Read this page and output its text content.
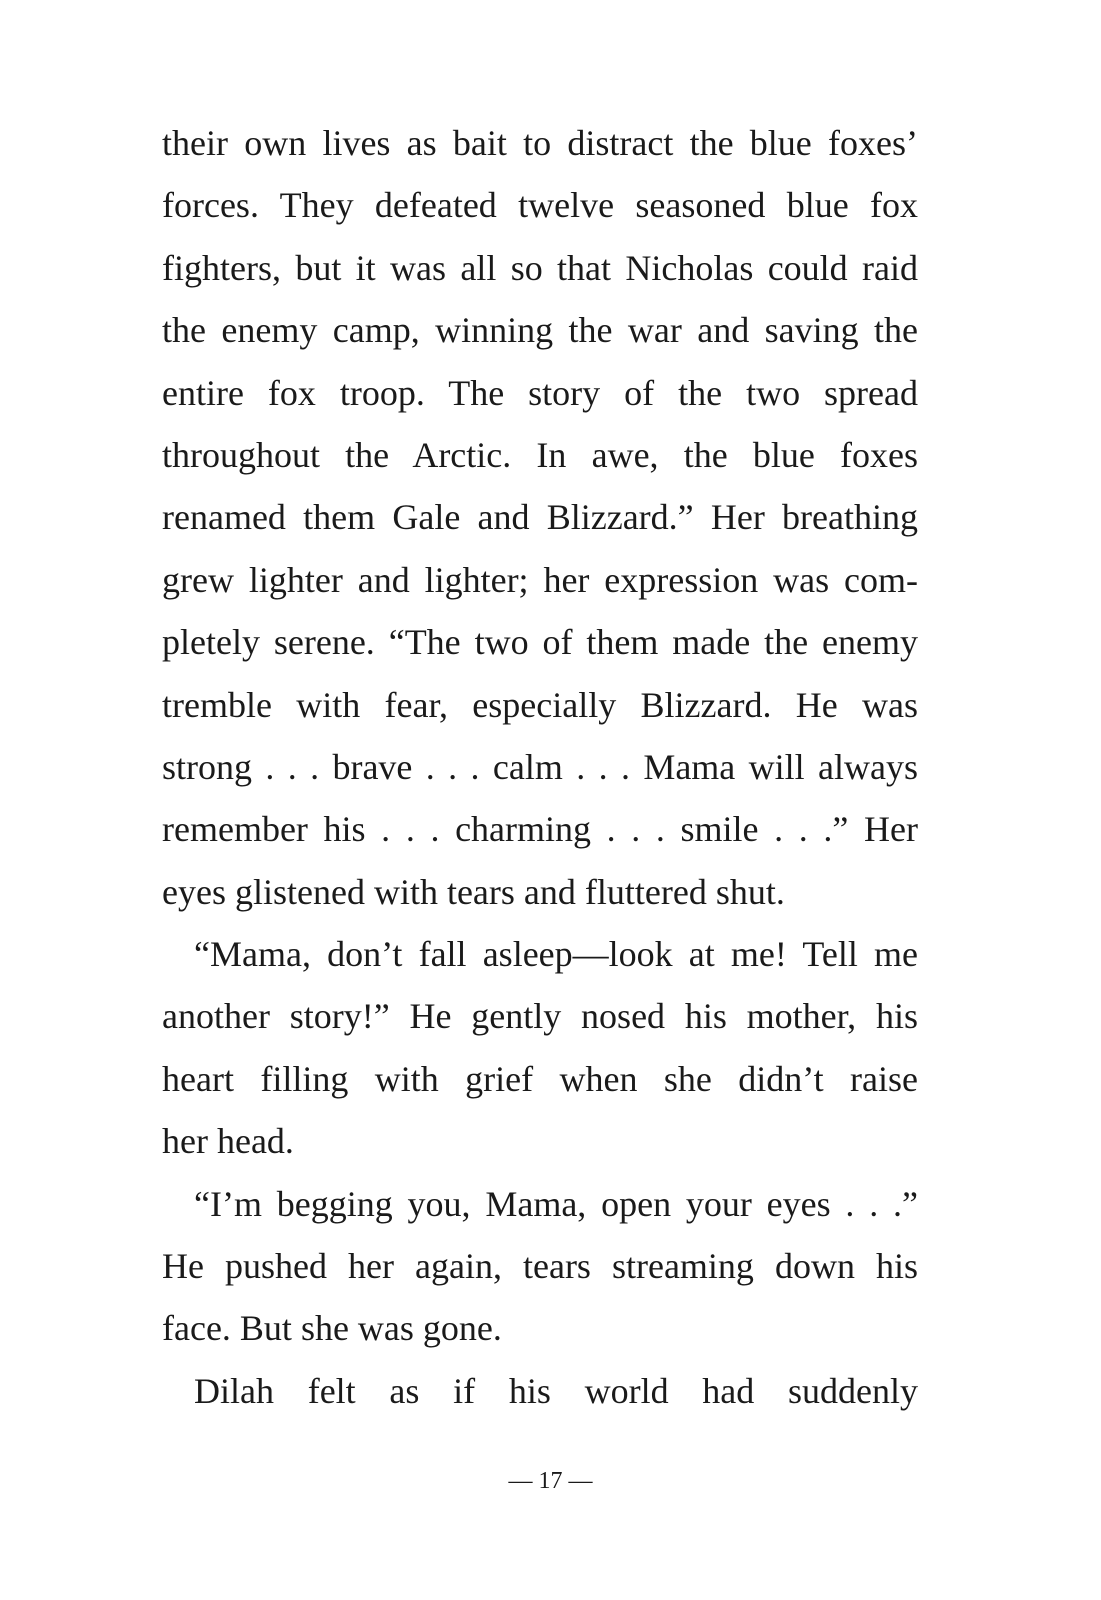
their own lives as bait to distract the blue foxes’
forces. They defeated twelve seasoned blue fox
fighters, but it was all so that Nicholas could raid
the enemy camp, winning the war and saving the
entire fox troop. The story of the two spread
throughout the Arctic. In awe, the blue foxes
renamed them Gale and Blizzard.” Her breathing
grew lighter and lighter; her expression was com-
pletely serene. “The two of them made the enemy
tremble with fear, especially Blizzard. He was
strong . . . brave . . . calm . . . Mama will always
remember his . . . charming . . . smile . . .” Her
eyes glistened with tears and fluttered shut.
“Mama, don’t fall asleep—look at me! Tell me
another story!” He gently nosed his mother, his
heart filling with grief when she didn’t raise
her head.
“I’m begging you, Mama, open your eyes . . .”
He pushed her again, tears streaming down his
face. But she was gone.
Dilah felt as if his world had suddenly
— 17 —
